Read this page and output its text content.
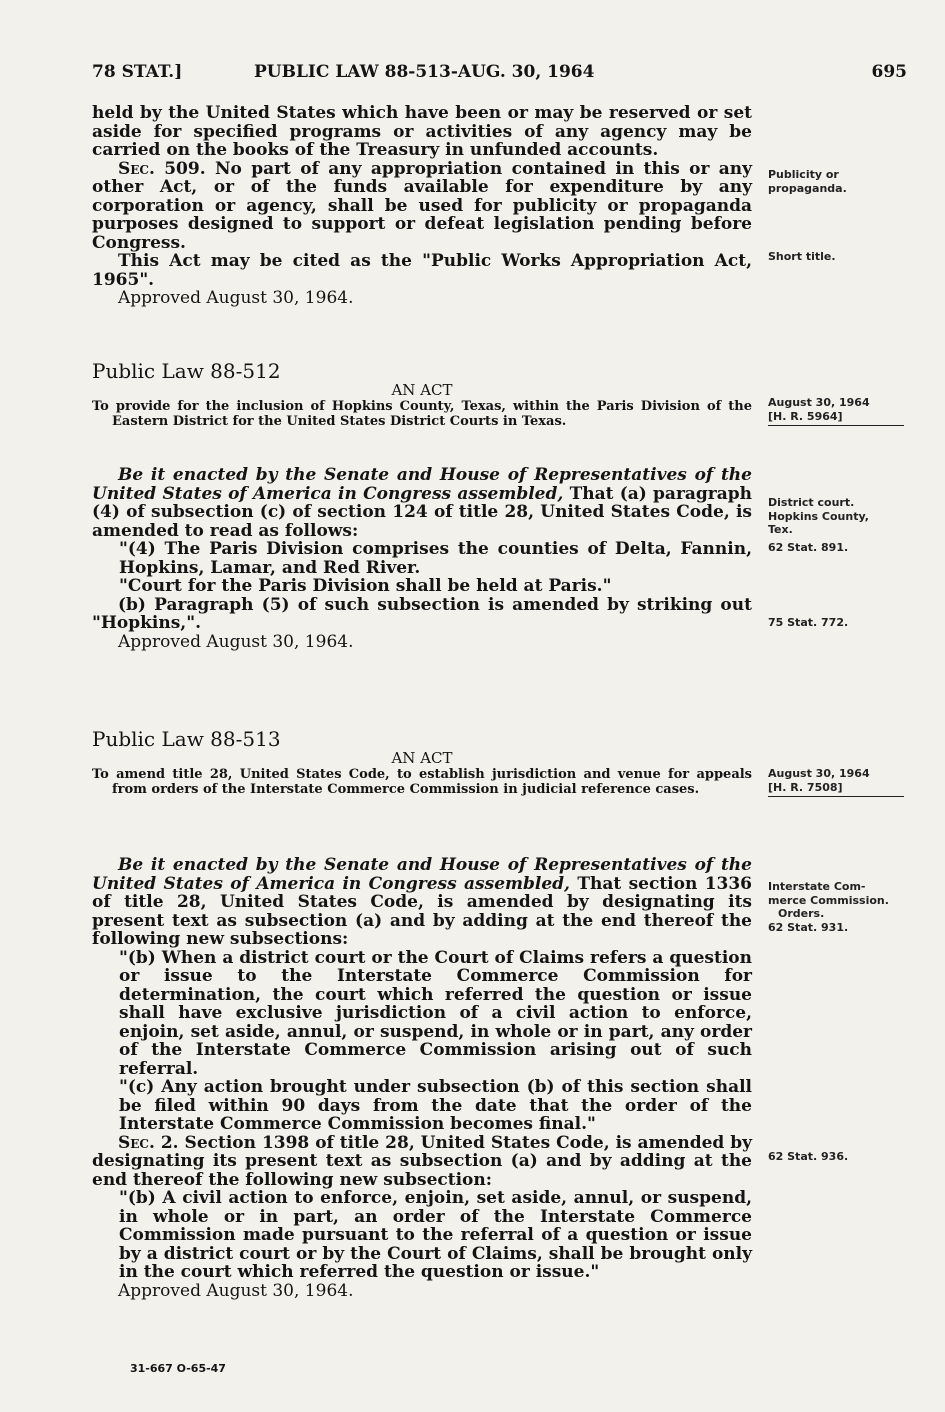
78 STAT.]	PUBLIC LAW 88-513-AUG. 30, 1964	695

held by the United States which have been or may be reserved or set aside for specified programs or activities of any agency may be carried on the books of the Treasury in unfunded accounts.

Sec. 509. No part of any appropriation contained in this or any other Act, or of the funds available for expenditure by any corporation or agency, shall be used for publicity or propaganda purposes designed to support or defeat legislation pending before Congress.

This Act may be cited as the "Public Works Appropriation Act, 1965".

Approved August 30, 1964.

Public Law 88-512

AN ACT

To provide for the inclusion of Hopkins County, Texas, within the Paris Division of the Eastern District for the United States District Courts in Texas.

Be it enacted by the Senate and House of Representatives of the United States of America in Congress assembled, That (a) paragraph (4) of subsection (c) of section 124 of title 28, United States Code, is amended to read as follows:

"(4) The Paris Division comprises the counties of Delta, Fannin, Hopkins, Lamar, and Red River.

"Court for the Paris Division shall be held at Paris."

(b) Paragraph (5) of such subsection is amended by striking out "Hopkins,".

Approved August 30, 1964.

Public Law 88-513

AN ACT

To amend title 28, United States Code, to establish jurisdiction and venue for appeals from orders of the Interstate Commerce Commission in judicial reference cases.

Be it enacted by the Senate and House of Representatives of the United States of America in Congress assembled, That section 1336 of title 28, United States Code, is amended by designating its present text as subsection (a) and by adding at the end thereof the following new subsections:

"(b) When a district court or the Court of Claims refers a question or issue to the Interstate Commerce Commission for determination, the court which referred the question or issue shall have exclusive jurisdiction of a civil action to enforce, enjoin, set aside, annul, or suspend, in whole or in part, any order of the Interstate Commerce Commission arising out of such referral.

"(c) Any action brought under subsection (b) of this section shall be filed within 90 days from the date that the order of the Interstate Commerce Commission becomes final."

Sec. 2. Section 1398 of title 28, United States Code, is amended by designating its present text as subsection (a) and by adding at the end thereof the following new subsection:

"(b) A civil action to enforce, enjoin, set aside, annul, or suspend, in whole or in part, an order of the Interstate Commerce Commission made pursuant to the referral of a question or issue by a district court or by the Court of Claims, shall be brought only in the court which referred the question or issue."

Approved August 30, 1964.

Publicity or
propaganda.
Short title.
August 30, 1964
[H. R. 5964]
District court.
Hopkins County,
Tex.
62 Stat. 891.
75 Stat. 772.
August 30, 1964
[H. R. 7508]
Interstate Com-
merce Commission.
Orders.
62 Stat. 931.
62 Stat. 936.
31-667 O-65-47
